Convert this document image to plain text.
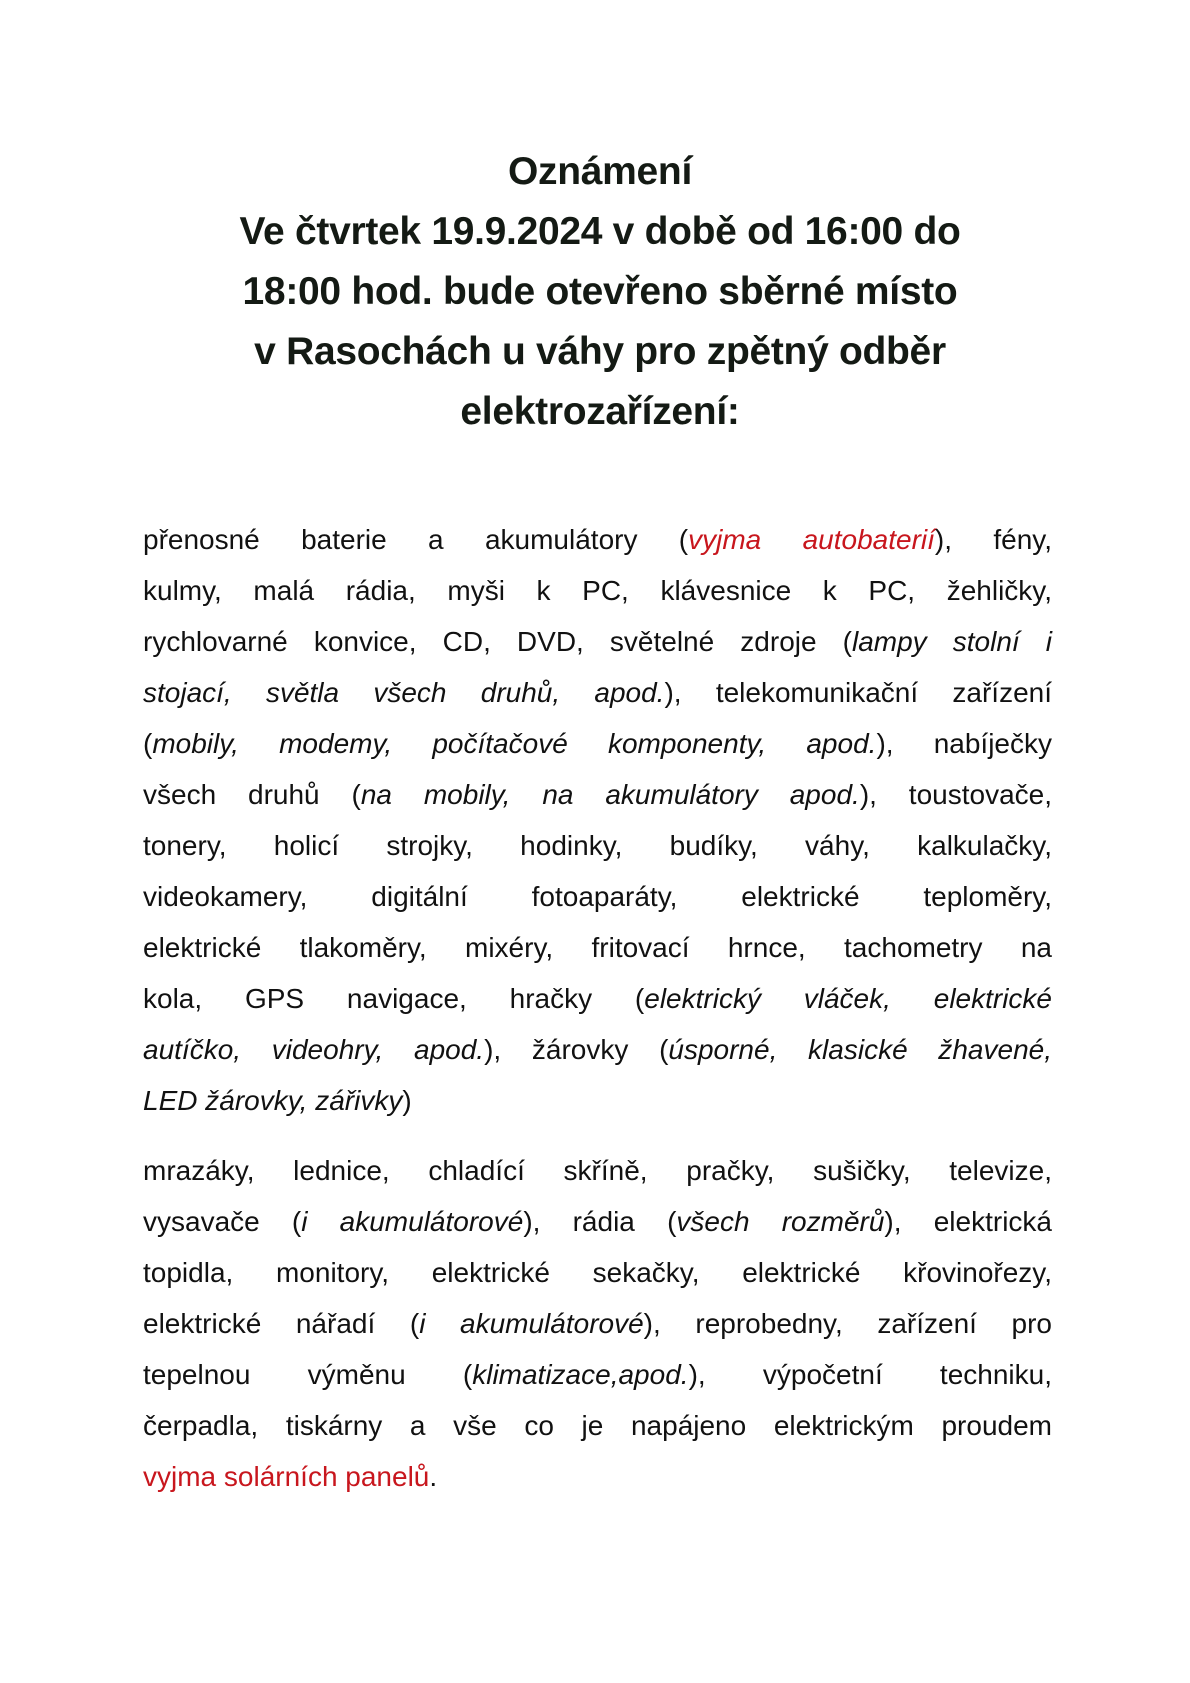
Oznámení
Ve čtvrtek 19.9.2024 v době od 16:00 do
18:00 hod. bude otevřeno sběrné místo
v Rasochách u váhy pro zpětný odběr
elektrozařízení:
přenosné baterie a akumulátory (vyjma autobaterií), fény,
kulmy, malá rádia, myši k PC, klávesnice k PC, žehličky,
rychlovarné konvice, CD, DVD, světelné zdroje (lampy stolní i
stojací, světla všech druhů, apod.), telekomunikační zařízení
(mobily, modemy, počítačové komponenty, apod.), nabíječky
všech druhů (na mobily, na akumulátory apod.), toustovače,
tonery, holicí strojky, hodinky, budíky, váhy, kalkulačky,
videokamery, digitální fotoaparáty, elektrické teploměry,
elektrické tlakoměry, mixéry, fritovací hrnce, tachometry na
kola, GPS navigace, hračky (elektrický vláček, elektrické
autíčko, videohry, apod.), žárovky (úsporné, klasické žhavené,
LED žárovky, zářivky)
mrazáky, lednice, chladící skříně, pračky, sušičky, televize,
vysavače (i akumulátorové), rádia (všech rozměrů), elektrická
topidla, monitory, elektrické sekačky, elektrické křovinořezy,
elektrické nářadí (i akumulátorové), reprobedny, zařízení pro
tepelnou výměnu (klimatizace,apod.), výpočetní techniku,
čerpadla, tiskárny a vše co je napájeno elektrickým proudem
vyjma solárních panelů.
